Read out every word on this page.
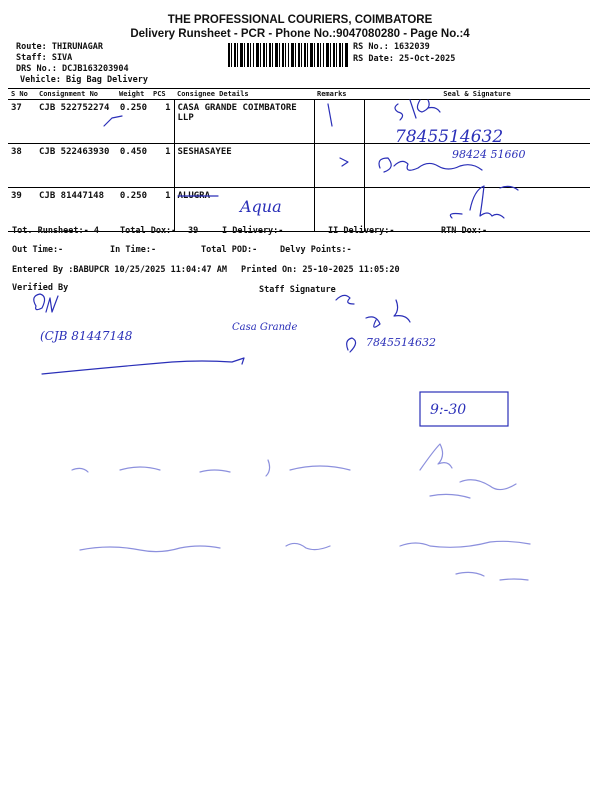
THE PROFESSIONAL COURIERS, COIMBATORE
Delivery Runsheet - PCR - Phone No.:9047080280 - Page No.:4
Route: THIRUNAGAR
Staff: SIVA
DRS No.: DCJB163203904
Vehicle: Big Bag Delivery
RS No.: 1632039
RS Date: 25-Oct-2025
S No	Consignment No	Weight	PCS	Consignee Details	Remarks	Seal & Signature
37	CJB 522752274	0.250	1	CASA GRANDE COIMBATORE LLP		
38	CJB 522463930	0.450	1	SESHASAYEE		
39	CJB 81447148	0.250	1	ALUGRA		
Tot. Runsheet:- 4 Total Dox:- 39	I Delivery:-	II Delivery:-	RTN Dox:-
Out Time:-	In Time:-	Total POD:-	Delvy Points:-
Entered By :BABUPCR 10/25/2025 11:04:47 AM Printed On: 25-10-2025 11:05:20
Verified By	Staff Signature
7845514632
98424 51660
Aqua
(CJB 81447148
Casa Grande
7845514632
9:-30
